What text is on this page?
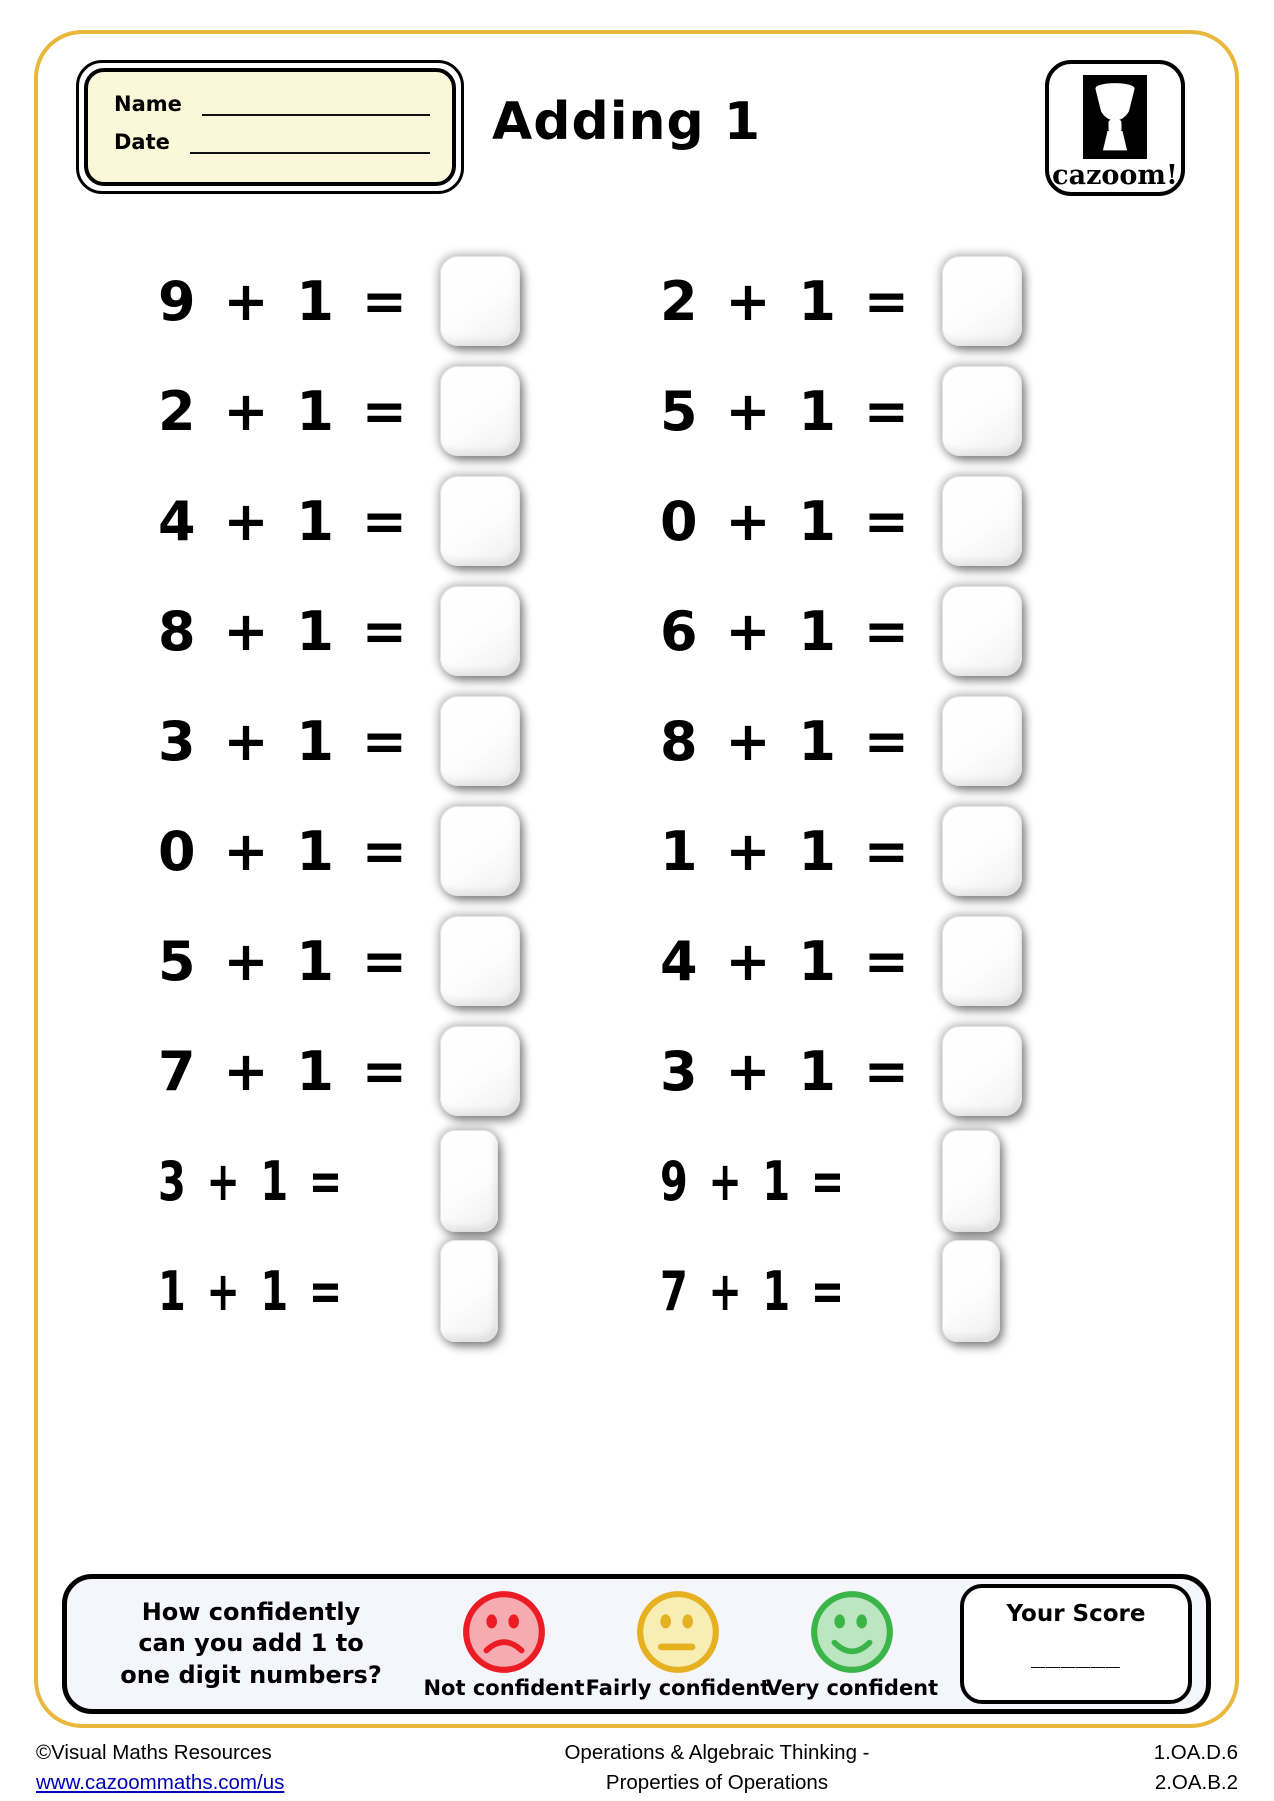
Name
Date	Adding 1
cazoom!
9 + 1 =
2 + 1 =
4 + 1 =
8 + 1 =
3 + 1 =
0 + 1 =
5 + 1 =
7 + 1 =
3 + 1 =
1 + 1 =
2 + 1 =
5 + 1 =
0 + 1 =
6 + 1 =
8 + 1 =
1 + 1 =
4 + 1 =
3 + 1 =
9 + 1 =
7 + 1 =
How confidently
can you add 1 to
one digit numbers?	Not confident Fairly confident
Very confident
Your Score
______
©Visual Maths Resources
www.cazoommaths.com/us
Operations & Algebraic Thinking -
Properties of Operations
1.OA.D.6
2.OA.B.2
